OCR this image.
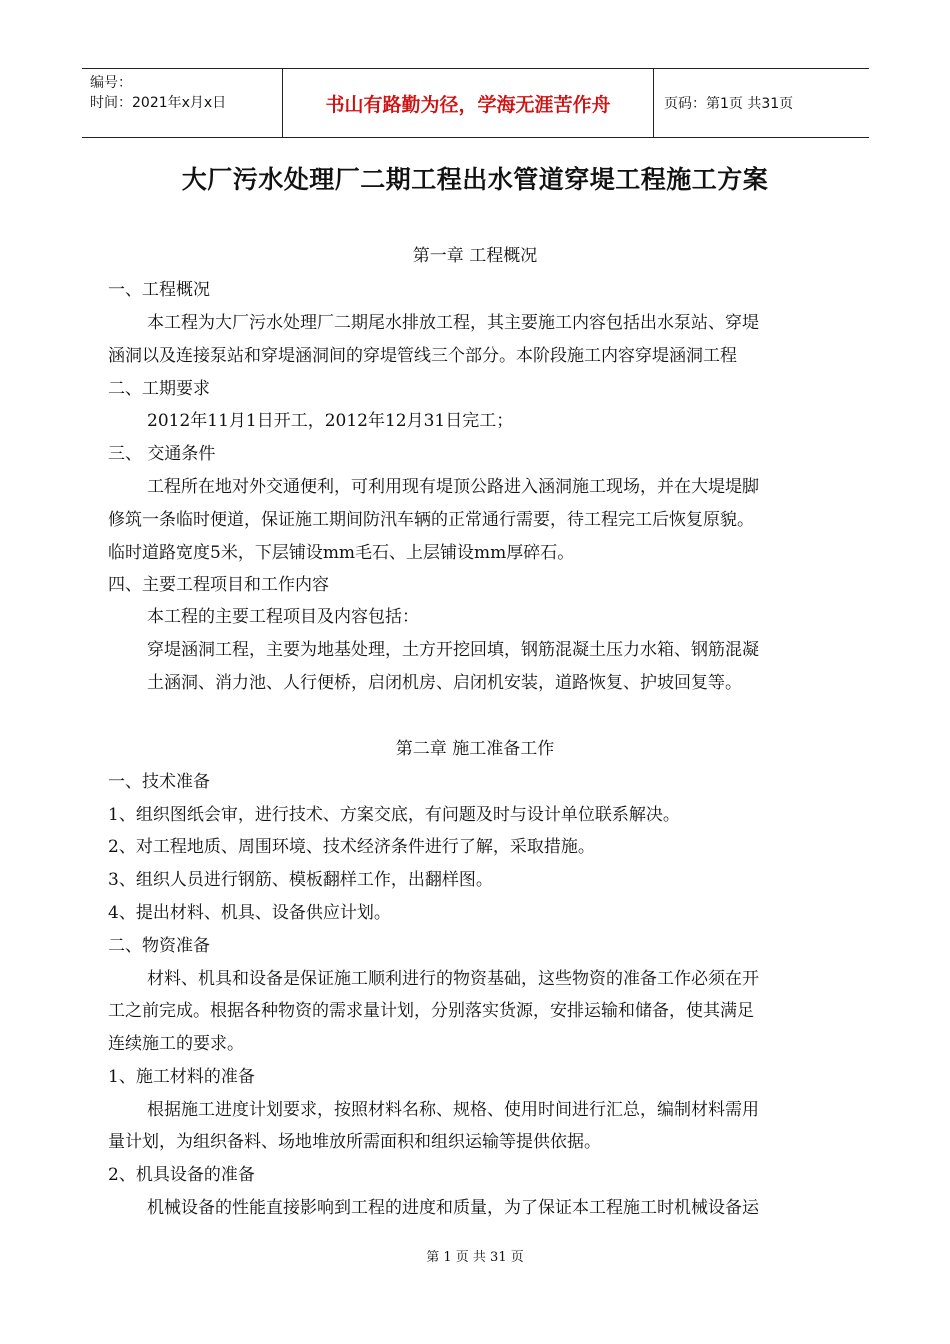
编号：
时间：2021年x月x日	书山有路勤为径，学海无涯苦作舟	页码：第1页 共31页
大厂污水处理厂二期工程出水管道穿堤工程施工方案
第一章 工程概况
一、工程概况
本工程为大厂污水处理厂二期尾水排放工程，其主要施工内容包括出水泵站、穿堤
涵洞以及连接泵站和穿堤涵洞间的穿堤管线三个部分。本阶段施工内容穿堤涵洞工程
二、工期要求
2012年11月1日开工，2012年12月31日完工；
三、 交通条件
工程所在地对外交通便利，可利用现有堤顶公路进入涵洞施工现场，并在大堤堤脚
修筑一条临时便道，保证施工期间防汛车辆的正常通行需要，待工程完工后恢复原貌。
临时道路宽度5米，下层铺设mm毛石、上层铺设mm厚碎石。
四、主要工程项目和工作内容
本工程的主要工程项目及内容包括：
穿堤涵洞工程，主要为地基处理，土方开挖回填，钢筋混凝土压力水箱、钢筋混凝
土涵洞、消力池、人行便桥，启闭机房、启闭机安装，道路恢复、护坡回复等。
第二章 施工准备工作
一、技术准备
1、组织图纸会审，进行技术、方案交底，有问题及时与设计单位联系解决。
2、对工程地质、周围环境、技术经济条件进行了解，采取措施。
3、组织人员进行钢筋、模板翻样工作，出翻样图。
4、提出材料、机具、设备供应计划。
二、物资准备
材料、机具和设备是保证施工顺利进行的物资基础，这些物资的准备工作必须在开
工之前完成。根据各种物资的需求量计划，分别落实货源，安排运输和储备，使其满足
连续施工的要求。
1、施工材料的准备
根据施工进度计划要求，按照材料名称、规格、使用时间进行汇总，编制材料需用
量计划，为组织备料、场地堆放所需面积和组织运输等提供依据。
2、机具设备的准备
机械设备的性能直接影响到工程的进度和质量，为了保证本工程施工时机械设备运
第 1 页 共 31 页
